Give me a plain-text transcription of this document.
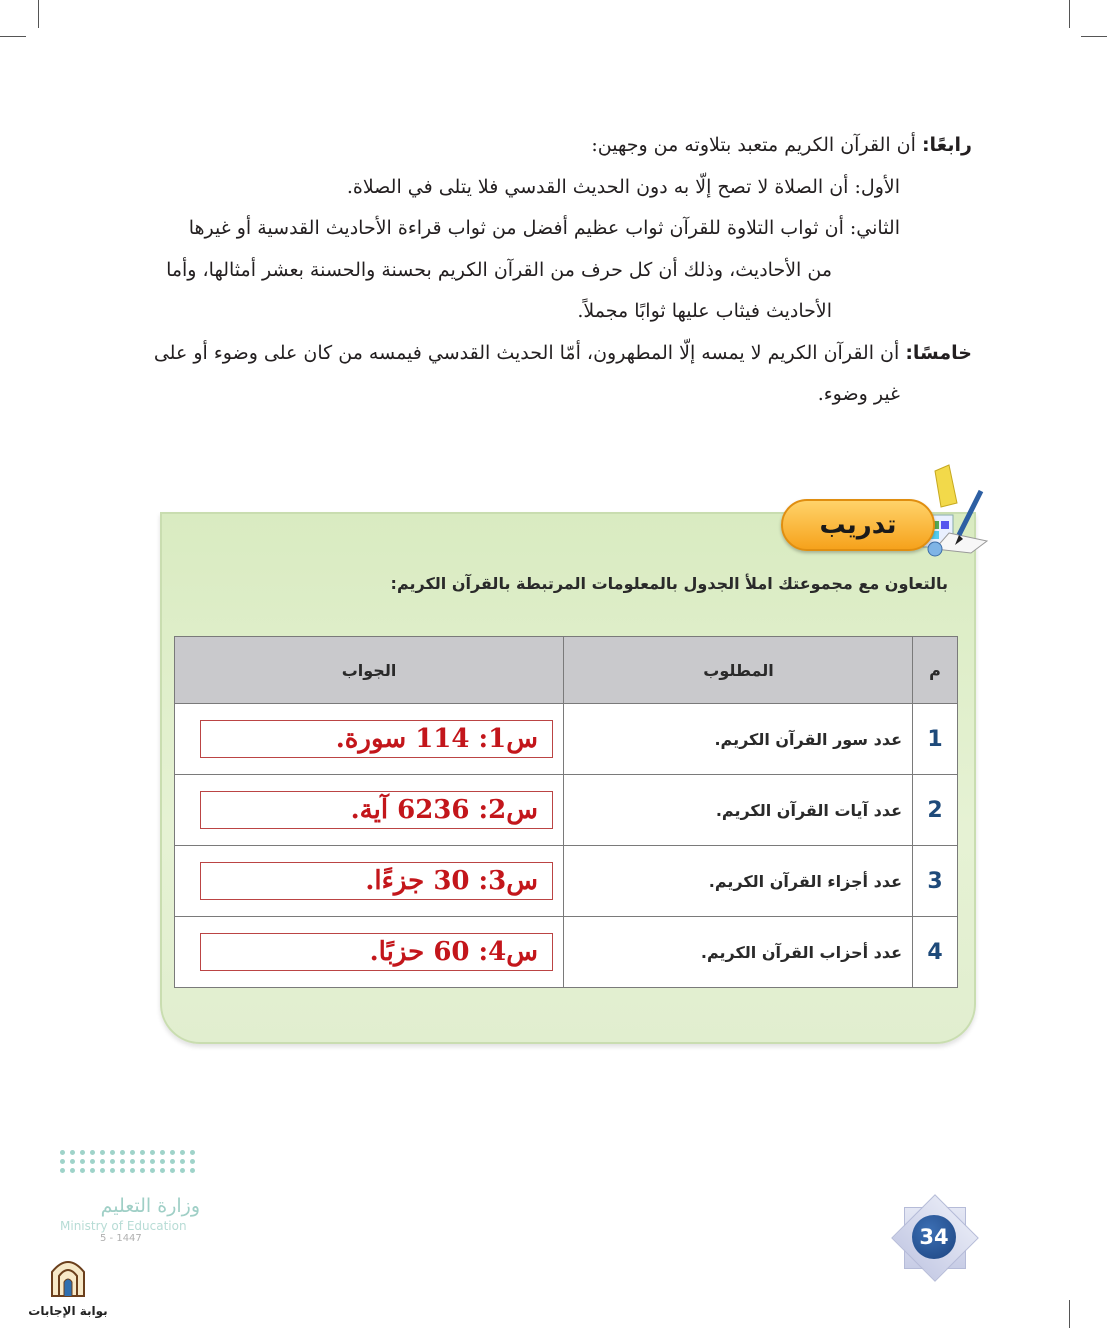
رابعًا: أن القرآن الكريم متعبد بتلاوته من وجهين:
الأول: أن الصلاة لا تصح إلّا به دون الحديث القدسي فلا يتلى في الصلاة.
الثاني: أن ثواب التلاوة للقرآن ثواب عظيم أفضل من ثواب قراءة الأحاديث القدسية أو غيرها
من الأحاديث، وذلك أن كل حرف من القرآن الكريم بحسنة والحسنة بعشر أمثالها، وأما
الأحاديث فيثاب عليها ثوابًا مجملاً.
خامسًا: أن القرآن الكريم لا يمسه إلّا المطهرون، أمّا الحديث القدسي فيمسه من كان على وضوء أو على
غير وضوء.
تدريب
بالتعاون مع مجموعتك املأ الجدول بالمعلومات المرتبطة بالقرآن الكريم:
م	المطلوب	الجواب
1	عدد سور القرآن الكريم.	س1: 114 سورة.

2	عدد آيات القرآن الكريم.	س2: 6236 آية.

3	عدد أجزاء القرآن الكريم.	س3: 30 جزءًا.

4	عدد أحزاب القرآن الكريم.	س4: 60 حزبًا.
وزارة التعليم
Ministry of Education
5 - 1447
بوابة الإجابات
34
